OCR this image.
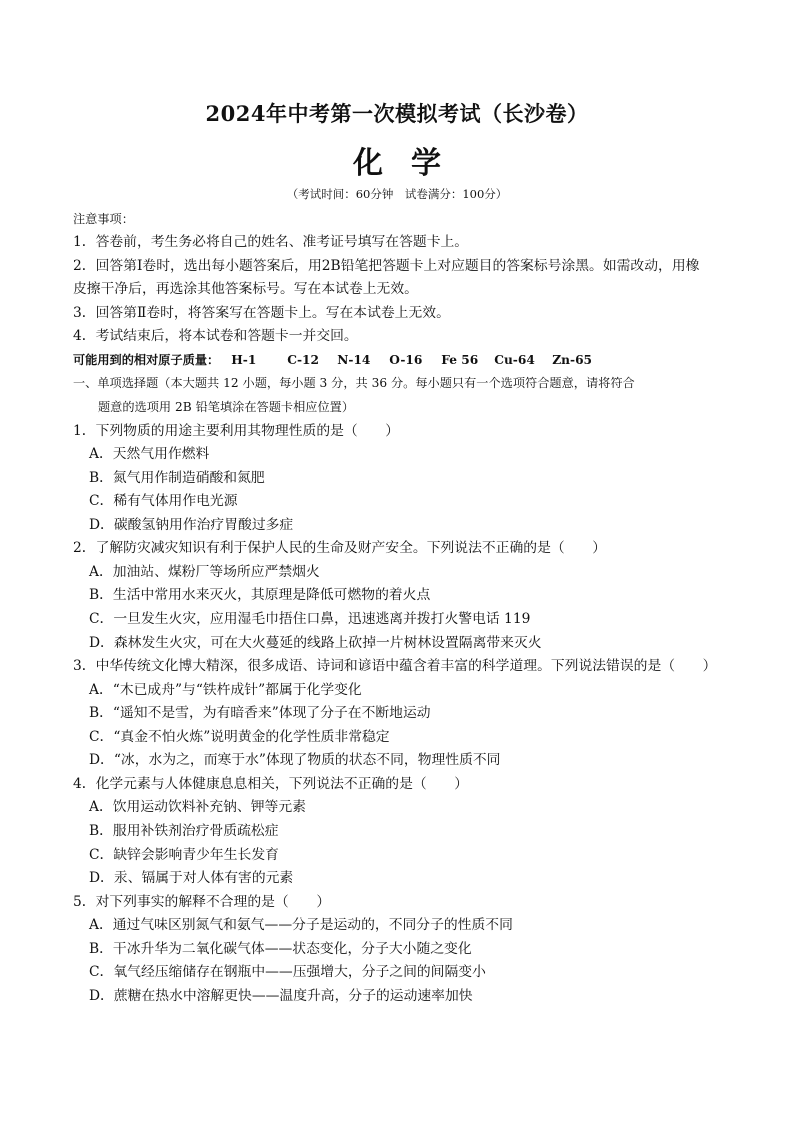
2024年中考第一次模拟考试（长沙卷）
化学
（考试时间：60分钟　试卷满分：100分）
注意事项：
1．答卷前，考生务必将自己的姓名、准考证号填写在答题卡上。
2．回答第Ⅰ卷时，选出每小题答案后，用2B铅笔把答题卡上对应题目的答案标号涂黑。如需改动，用橡
皮擦干净后，再选涂其他答案标号。写在本试卷上无效。
3．回答第Ⅱ卷时，将答案写在答题卡上。写在本试卷上无效。
4．考试结束后，将本试卷和答题卡一并交回。
可能用到的相对原子质量： H-1	C-12 N-14 O-16 Fe 56 Cu-64 Zn-65
一、单项选择题（本大题共 12 小题，每小题 3 分，共 36 分。每小题只有一个选项符合题意，请将符合
题意的选项用 2B 铅笔填涂在答题卡相应位置）
1．下列物质的用途主要利用其物理性质的是（　　）
A．天然气用作燃料
B．氮气用作制造硝酸和氮肥
C．稀有气体用作电光源
D．碳酸氢钠用作治疗胃酸过多症
2．了解防灾减灾知识有利于保护人民的生命及财产安全。下列说法不正确的是（　　）
A．加油站、煤粉厂等场所应严禁烟火
B．生活中常用水来灭火，其原理是降低可燃物的着火点
C．一旦发生火灾，应用湿毛巾捂住口鼻，迅速逃离并拨打火警电话 119
D．森林发生火灾，可在大火蔓延的线路上砍掉一片树林设置隔离带来灭火
3．中华传统文化博大精深，很多成语、诗词和谚语中蕴含着丰富的科学道理。下列说法错误的是（　　）
A．“木已成舟”与“铁杵成针”都属于化学变化
B．“遥知不是雪，为有暗香来”体现了分子在不断地运动
C．“真金不怕火炼”说明黄金的化学性质非常稳定
D．“冰，水为之，而寒于水”体现了物质的状态不同，物理性质不同
4．化学元素与人体健康息息相关，下列说法不正确的是（　　）
A．饮用运动饮料补充钠、钾等元素
B．服用补铁剂治疗骨质疏松症
C．缺锌会影响青少年生长发育
D．汞、镉属于对人体有害的元素
5．对下列事实的解释不合理的是（　　）
A．通过气味区别氮气和氨气——分子是运动的，不同分子的性质不同
B．干冰升华为二氧化碳气体——状态变化，分子大小随之变化
C．氧气经压缩储存在钢瓶中——压强增大，分子之间的间隔变小
D．蔗糖在热水中溶解更快——温度升高，分子的运动速率加快
